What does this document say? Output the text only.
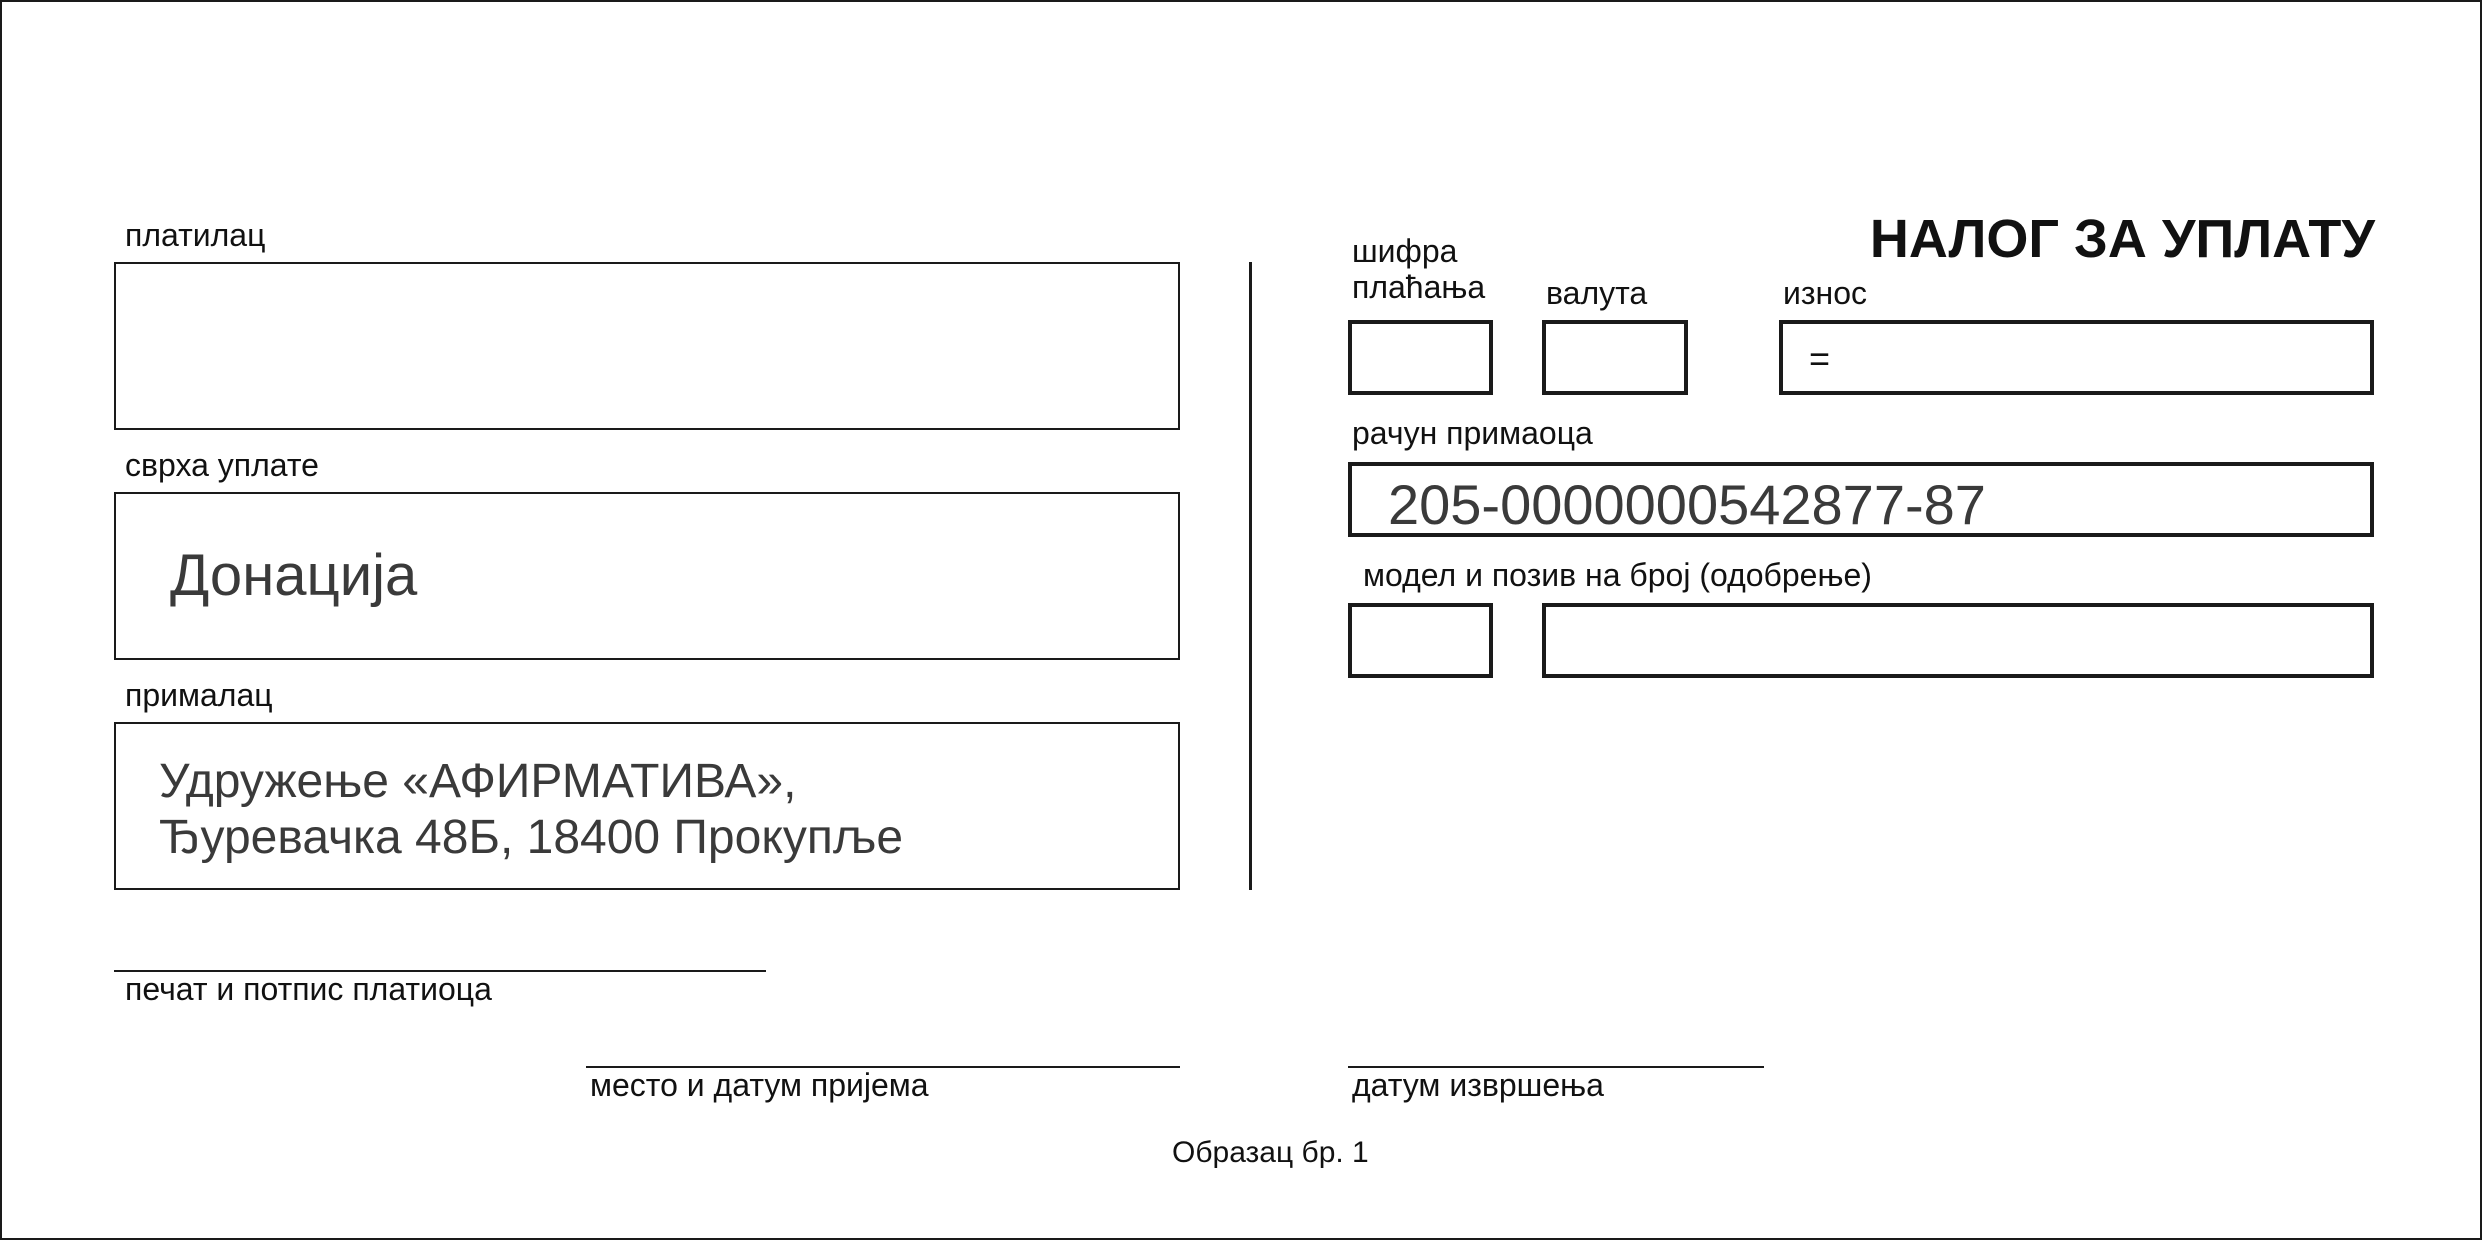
НАЛОГ ЗА УПЛАТУ
платилац
сврха уплате
Донација
прималац
Удружење «АФИРМАТИВА»,
Ђуревачка 48Б, 18400 Прокупље
печат и потпис платиоца
шифра
плаћања валута	износ
=
рачун примаоца
205-0000000542877-87
модел и позив на број (одобрење)
место и датум пријема	датум извршења
Образац бр. 1
